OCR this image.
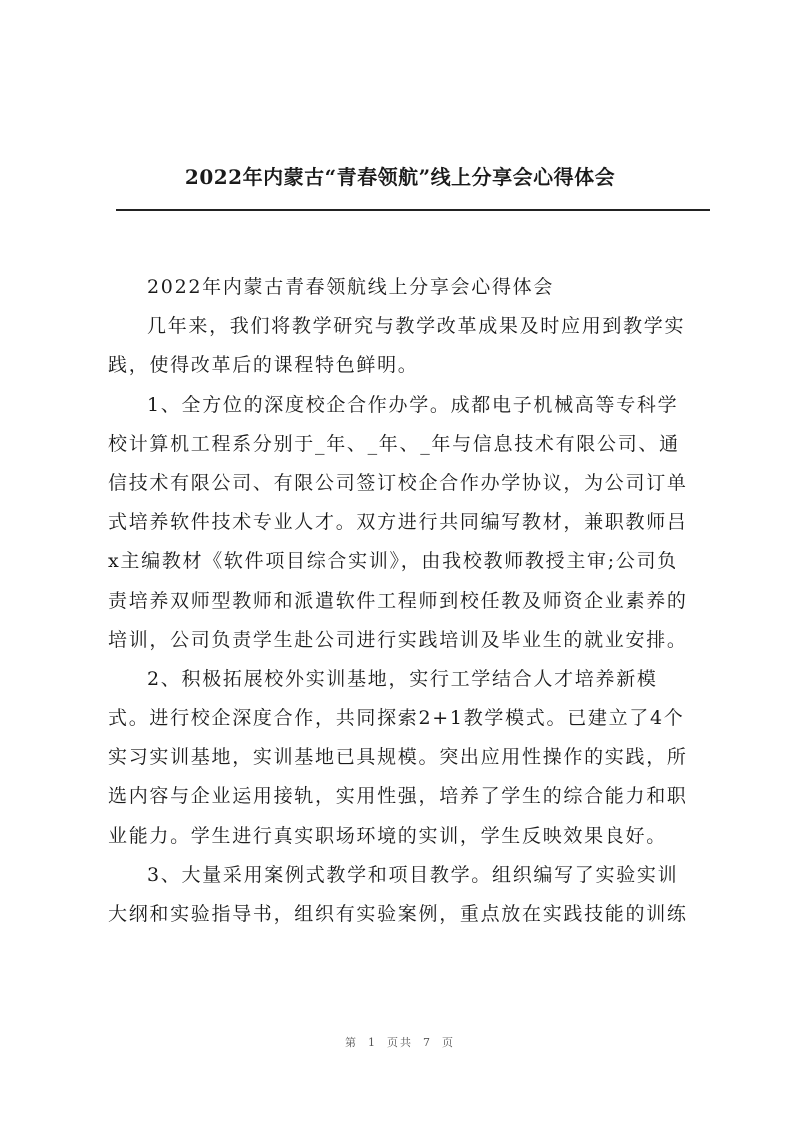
2022年内蒙古“青春领航”线上分享会心得体会
2022年内蒙古青春领航线上分享会心得体会
几年来，我们将教学研究与教学改革成果及时应用到教学实
践，使得改革后的课程特色鲜明。
1、全方位的深度校企合作办学。成都电子机械高等专科学
校计算机工程系分别于_年、_年、_年与信息技术有限公司、通
信技术有限公司、有限公司签订校企合作办学协议，为公司订单
式培养软件技术专业人才。双方进行共同编写教材，兼职教师吕
x主编教材《软件项目综合实训》，由我校教师教授主审;公司负
责培养双师型教师和派遣软件工程师到校任教及师资企业素养的
培训，公司负责学生赴公司进行实践培训及毕业生的就业安排。
2、积极拓展校外实训基地，实行工学结合人才培养新模
式。进行校企深度合作，共同探索2+1教学模式。已建立了4个
实习实训基地，实训基地已具规模。突出应用性操作的实践，所
选内容与企业运用接轨，实用性强，培养了学生的综合能力和职
业能力。学生进行真实职场环境的实训，学生反映效果良好。
3、大量采用案例式教学和项目教学。组织编写了实验实训
大纲和实验指导书，组织有实验案例，重点放在实践技能的训练
第 1 页共 7 页
